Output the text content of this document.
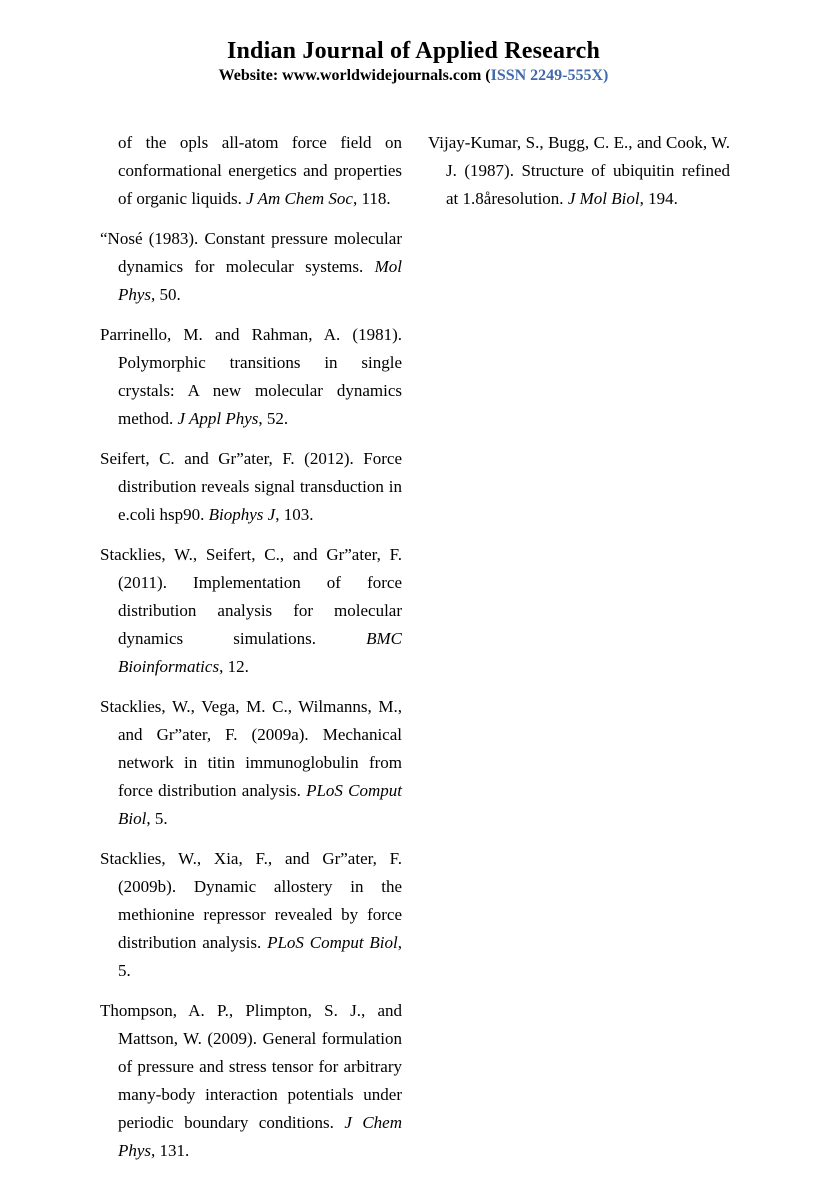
Indian Journal of Applied Research
Website: www.worldwidejournals.com (ISSN 2249-555X)

of the opls all-atom force field on conformational energetics and properties of organic liquids. J Am Chem Soc, 118.

“Nosé (1983). Constant pressure molecular dynamics for molecular systems. Mol Phys, 50.

Parrinello, M. and Rahman, A. (1981). Polymorphic transitions in single crystals: A new molecular dynamics method. J Appl Phys, 52.

Seifert, C. and Gr”ater, F. (2012). Force distribution reveals signal transduction in e.coli hsp90. Biophys J, 103.

Stacklies, W., Seifert, C., and Gr”ater, F. (2011). Implementation of force distribution analysis for molecular dynamics simulations. BMC Bioinformatics, 12.

Stacklies, W., Vega, M. C., Wilmanns, M., and Gr”ater, F. (2009a). Mechanical network in titin immunoglobulin from force distribution analysis. PLoS Comput Biol, 5.

Stacklies, W., Xia, F., and Gr”ater, F. (2009b). Dynamic allostery in the methionine repressor revealed by force distribution analysis. PLoS Comput Biol, 5.

Thompson, A. P., Plimpton, S. J., and Mattson, W. (2009). General formulation of pressure and stress tensor for arbitrary many-body interaction potentials under periodic boundary conditions. J Chem Phys, 131.

Vijay-Kumar, S., Bugg, C. E., and Cook, W. J. (1987). Structure of ubiquitin refined at 1.8åresolution. J Mol Biol, 194.
